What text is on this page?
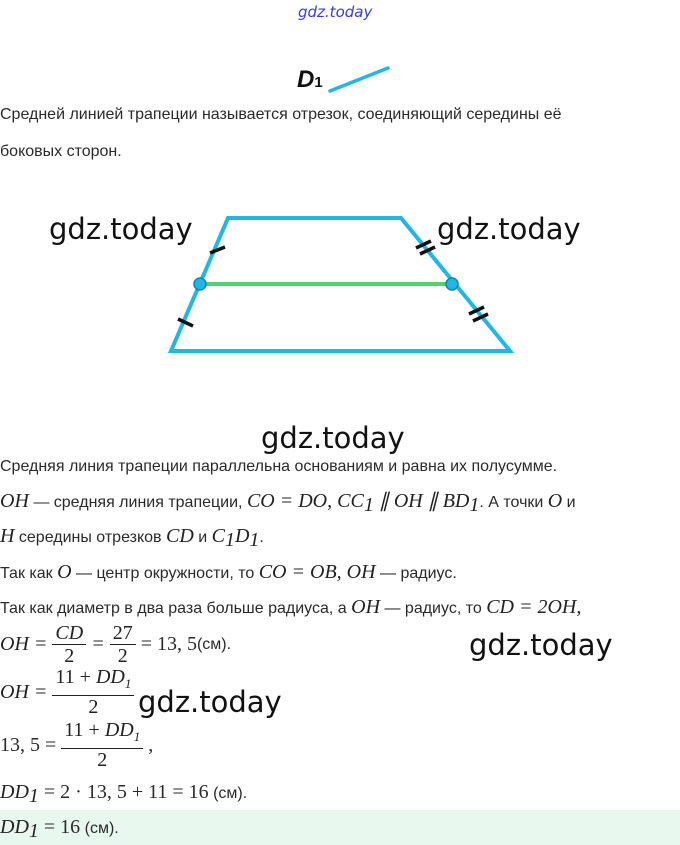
gdz.today
D1
Средней линией трапеции называется отрезок, соединяющий середины её
боковых сторон.
gdz.today	gdz.today
gdz.today
gdz.today
gdz.today
Средняя линия трапеции параллельна основаниям и равна их полусумме.
OH — средняя линия трапеции, CO = DO, $CC_1$ ∥ OH ∥ $BD_1$. А точки O и
H середины отрезков CD и $C_1D_1$.
Так как O — центр окружности, то CO = OB, OH — радиус.
Так как диаметр в два раза больше радиуса, а OH — радиус, то CD = 2OH,
OH = $\frac{CD}{2} = \frac{27}{2} = 13$, 5 (см).
OH = $\frac{11 + DD_1}{2}$
13, $5 = \frac{11 + DD_1}{2}$ ,
$DD_1 = 2 \cdot 13$, 5 + 11 = 16 (см).
$DD_1 = 16$ (см).
